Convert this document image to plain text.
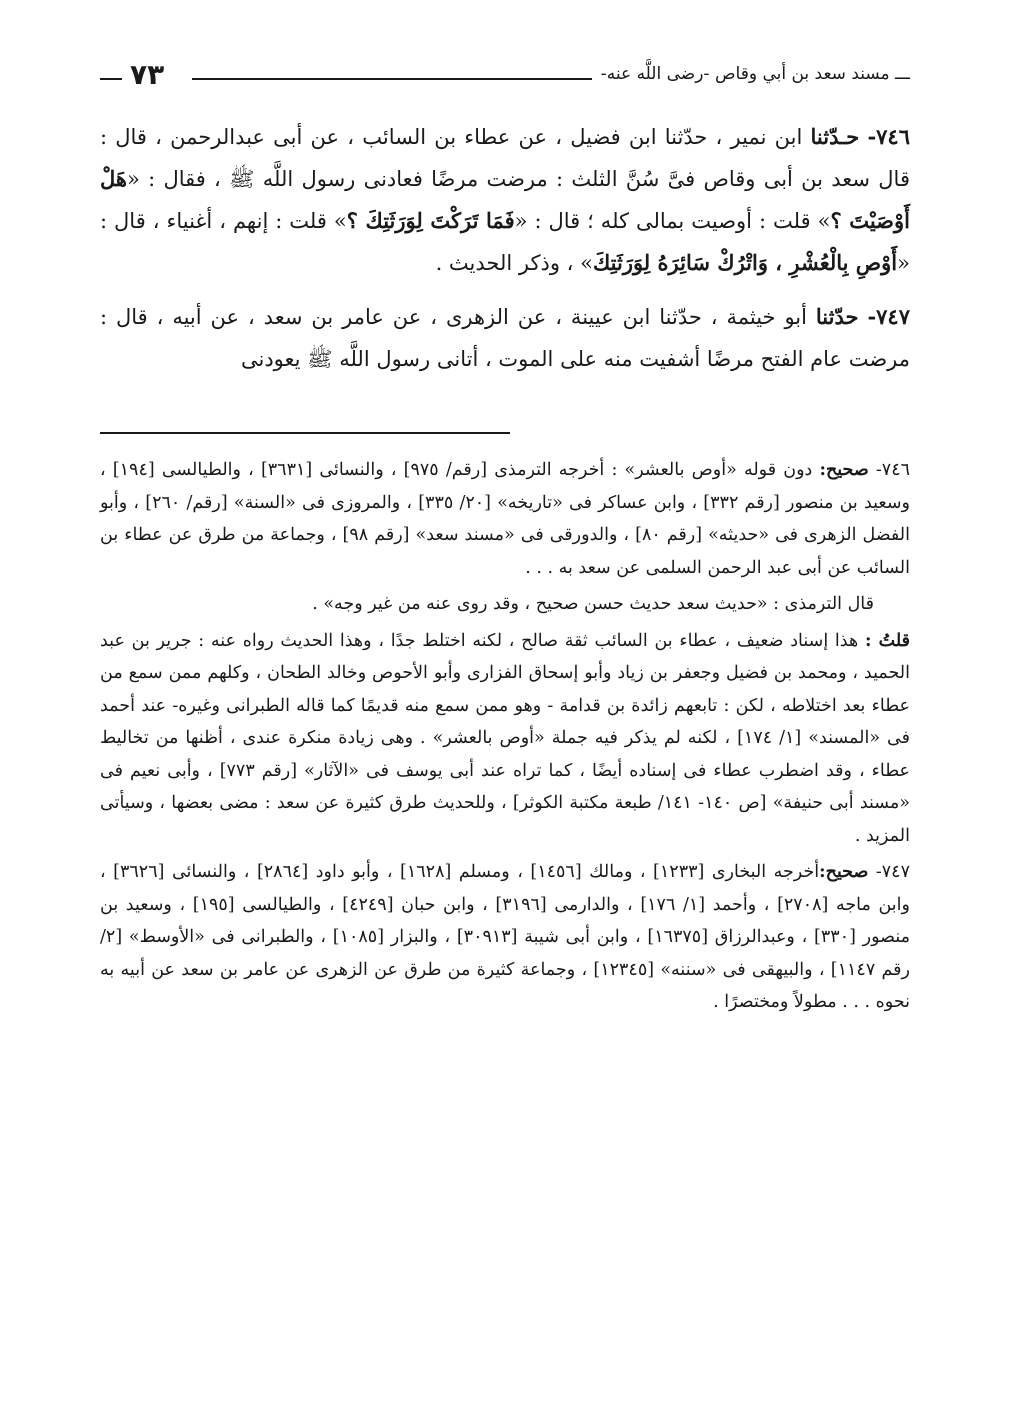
ـــ مسند سعد بن أبي وقاص -رضى اللَّه عنه-
٧٣

٧٤٦- حـدّثنا ابن نمير ، حدّثنا ابن فضيل ، عن عطاء بن السائب ، عن أبى عبدالرحمن ، قال : قال سعد بن أبى وقاص فىَّ سُنَّ الثلث : مرضت مرضًا فعادنى رسول اللَّه ﷺ ، فقال : «هَلْ أَوْصَيْتَ ؟» قلت : أوصيت بمالى كله ؛ قال : «فَمَا تَرَكْتَ لِوَرَثَتِكَ ؟» قلت : إنهم ، أغنياء ، قال : «أَوْصِ بِالْعُشْرِ ، وَاتْرُكْ سَائِرَهُ لِوَرَثَتِكَ» ، وذكر الحديث .

٧٤٧- حدّثنا أبو خيثمة ، حدّثنا ابن عيينة ، عن الزهرى ، عن عامر بن سعد ، عن أبيه ، قال : مرضت عام الفتح مرضًا أشفيت منه على الموت ، أتانى رسول اللَّه ﷺ يعودنى

٧٤٦- صحيح: دون قوله «أوص بالعشر» : أخرجه الترمذى [رقم/ ٩٧٥] ، والنسائى [٣٦٣١] ، والطيالسى [١٩٤] ، وسعيد بن منصور [رقم ٣٣٢] ، وابن عساكر فى «تاريخه» [٢٠/ ٣٣٥] ، والمروزى فى «السنة» [رقم/ ٢٦٠] ، وأبو الفضل الزهرى فى «حديثه» [رقم ٨٠] ، والدورقى فى «مسند سعد» [رقم ٩٨] ، وجماعة من طرق عن عطاء بن السائب عن أبى عبد الرحمن السلمى عن سعد به . . .

قال الترمذى : «حديث سعد حديث حسن صحيح ، وقد روى عنه من غير وجه» .

قلتُ : هذا إسناد ضعيف ، عطاء بن السائب ثقة صالح ، لكنه اختلط جدًا ، وهذا الحديث رواه عنه : جرير بن عبد الحميد ، ومحمد بن فضيل وجعفر بن زياد وأبو إسحاق الفزارى وأبو الأحوص وخالد الطحان ، وكلهم ممن سمع من عطاء بعد اختلاطه ، لكن : تابعهم زائدة بن قدامة - وهو ممن سمع منه قديمًا كما قاله الطبرانى وغيره- عند أحمد فى «المسند» [١/ ١٧٤] ، لكنه لم يذكر فيه جملة «أوص بالعشر» . وهى زيادة منكرة عندى ، أظنها من تخاليط عطاء ، وقد اضطرب عطاء فى إسناده أيضًا ، كما تراه عند أبى يوسف فى «الآثار» [رقم ٧٧٣] ، وأبى نعيم فى «مسند أبى حنيفة» [ص ١٤٠- ١٤١/ طبعة مكتبة الكوثر] ، وللحديث طرق كثيرة عن سعد : مضى بعضها ، وسيأتى المزيد .

٧٤٧- صحيح:أخرجه البخارى [١٢٣٣] ، ومالك [١٤٥٦] ، ومسلم [١٦٢٨] ، وأبو داود [٢٨٦٤] ، والنسائى [٣٦٢٦] ، وابن ماجه [٢٧٠٨] ، وأحمد [١/ ١٧٦] ، والدارمى [٣١٩٦] ، وابن حبان [٤٢٤٩] ، والطيالسى [١٩٥] ، وسعيد بن منصور [٣٣٠] ، وعبدالرزاق [١٦٣٧٥] ، وابن أبى شيبة [٣٠٩١٣] ، والبزار [١٠٨٥] ، والطبرانى فى «الأوسط» [٢/ رقم ١١٤٧] ، والبيهقى فى «سننه» [١٢٣٤٥] ، وجماعة كثيرة من طرق عن الزهرى عن عامر بن سعد عن أبيه به نحوه . . . مطولاً ومختصرًا .
